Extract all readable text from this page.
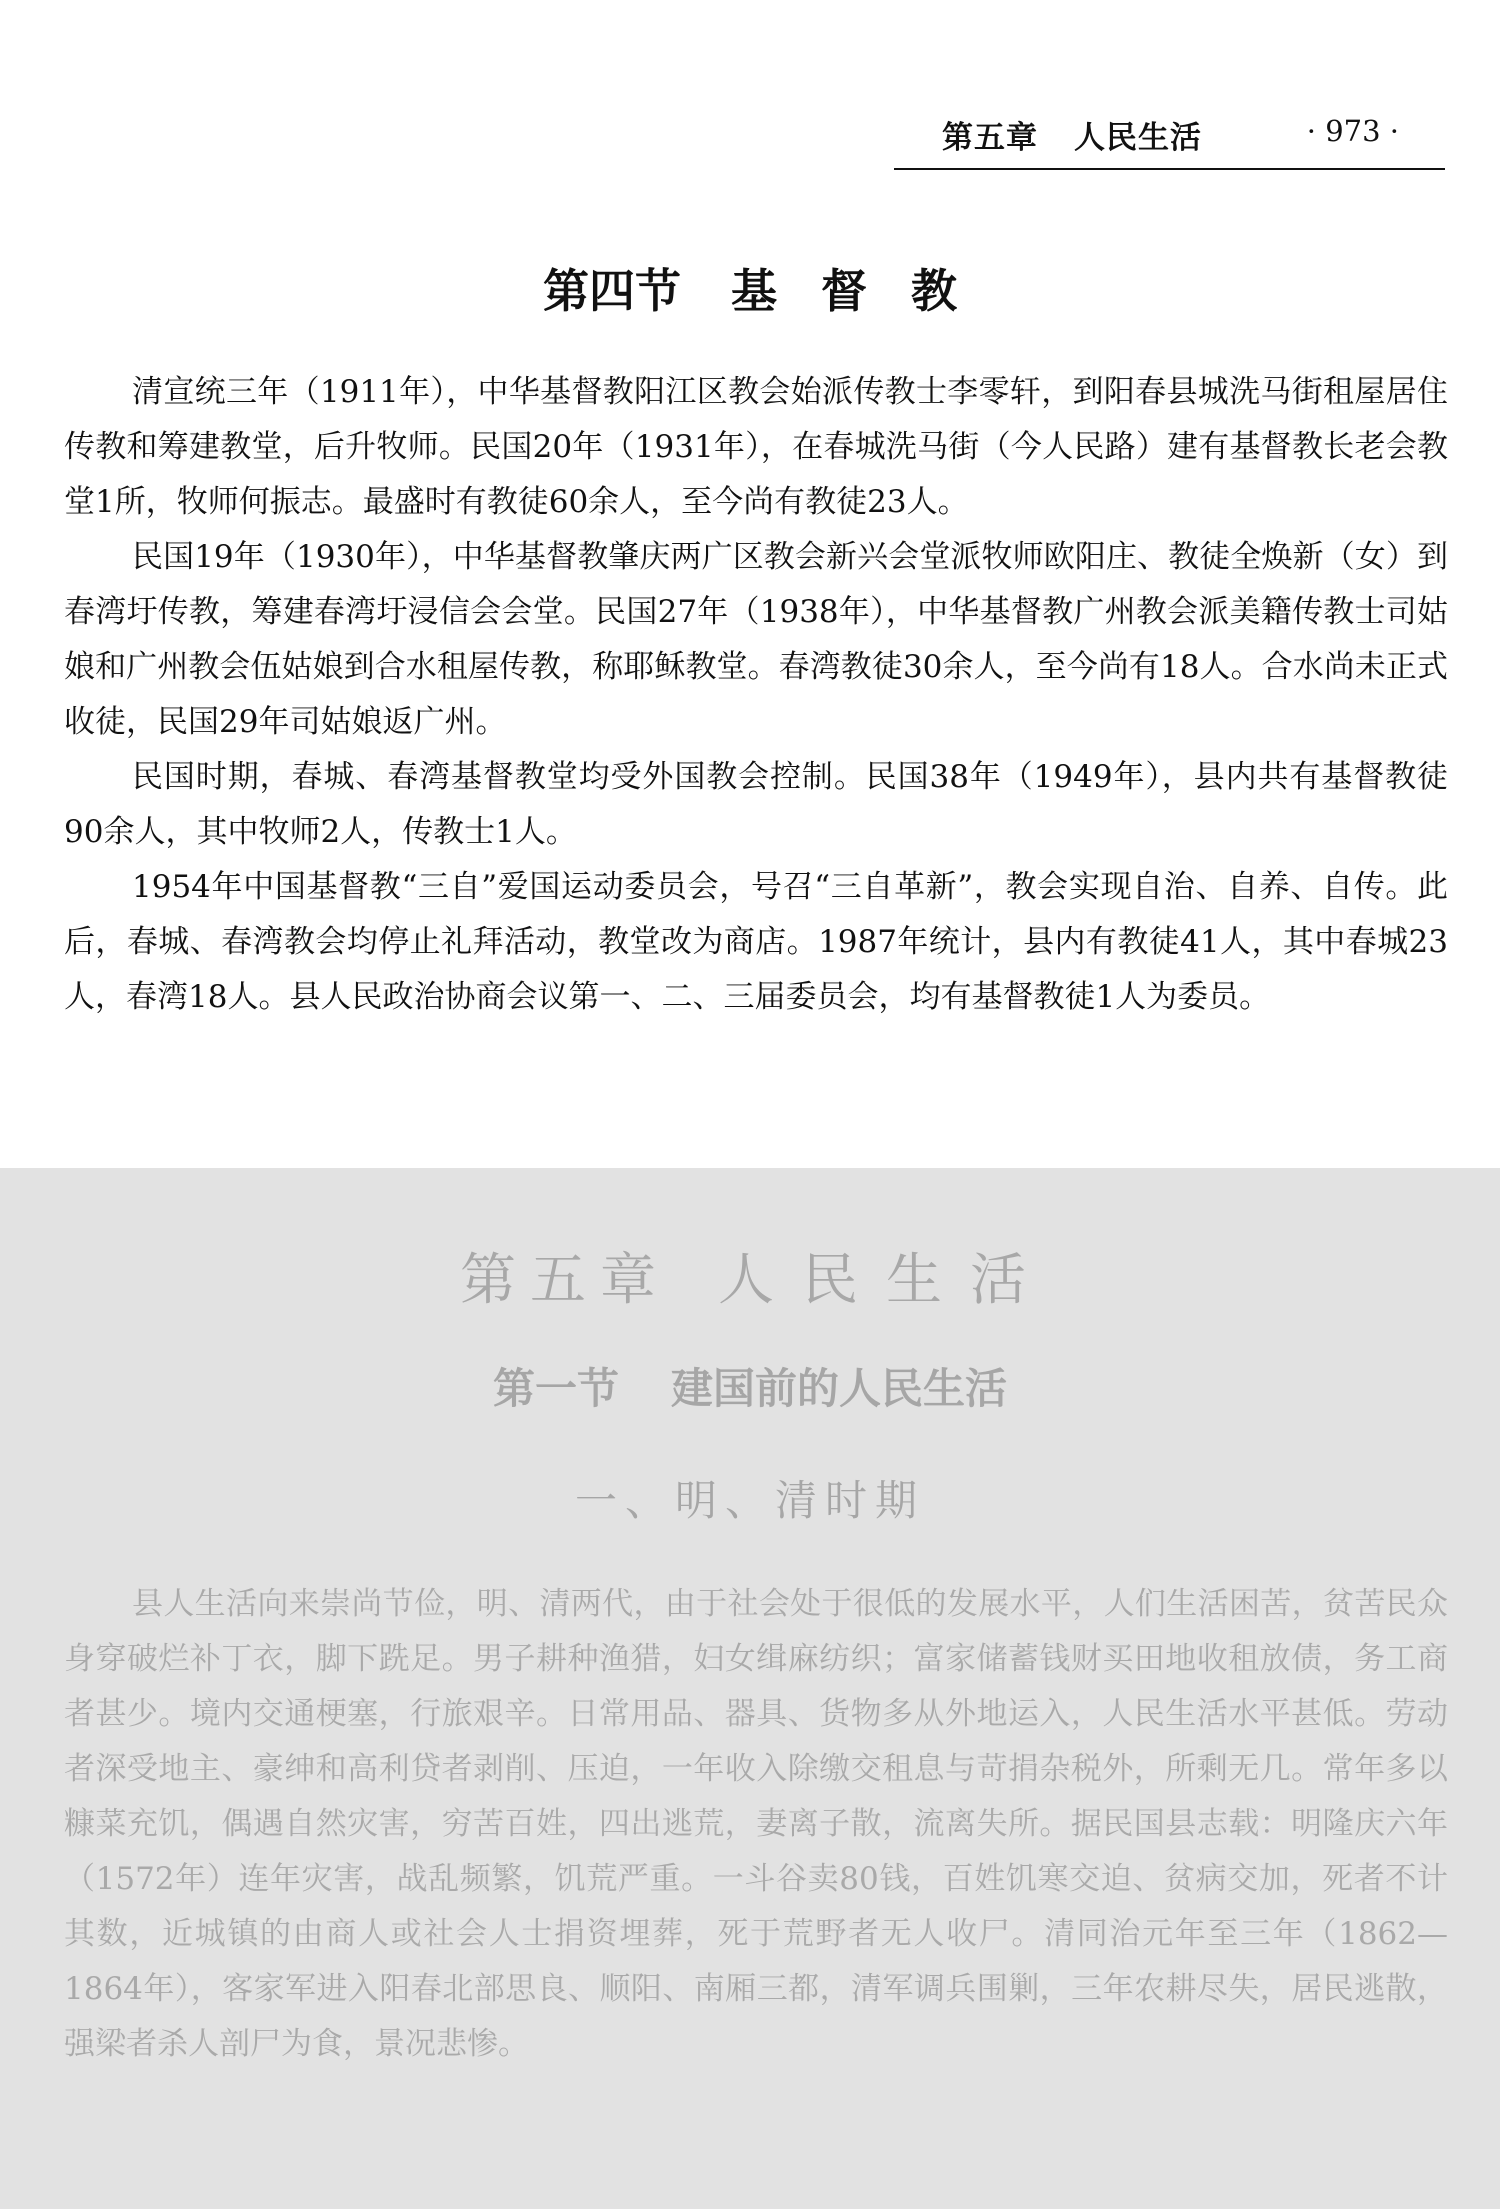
第五章 人民生活	· 973 ·
第四节 基 督 教

清宣统三年（1911年），中华基督教阳江区教会始派传教士李零轩，到阳春县城洗马街租屋居住传教和筹建教堂，后升牧师。民国20年（1931年），在春城洗马街（今人民路）建有基督教长老会教堂1所，牧师何振志。最盛时有教徒60余人，至今尚有教徒23人。

民国19年（1930年），中华基督教肇庆两广区教会新兴会堂派牧师欧阳庄、教徒全焕新（女）到春湾圩传教，筹建春湾圩浸信会会堂。民国27年（1938年），中华基督教广州教会派美籍传教士司姑娘和广州教会伍姑娘到合水租屋传教，称耶稣教堂。春湾教徒30余人，至今尚有18人。合水尚未正式收徒，民国29年司姑娘返广州。

民国时期，春城、春湾基督教堂均受外国教会控制。民国38年（1949年），县内共有基督教徒90余人，其中牧师2人，传教士1人。

1954年中国基督教“三自”爱国运动委员会，号召“三自革新”，教会实现自治、自养、自传。此后，春城、春湾教会均停止礼拜活动，教堂改为商店。1987年统计，县内有教徒41人，其中春城23人，春湾18人。县人民政治协商会议第一、二、三届委员会，均有基督教徒1人为委员。

第五章 人 民 生 活
第一节 建国前的人民生活
一、明、清时期

县人生活向来崇尚节俭，明、清两代，由于社会处于很低的发展水平，人们生活困苦，贫苦民众身穿破烂补丁衣，脚下跣足。男子耕种渔猎，妇女缉麻纺织；富家储蓄钱财买田地收租放债，务工商者甚少。境内交通梗塞，行旅艰辛。日常用品、器具、货物多从外地运入，人民生活水平甚低。劳动者深受地主、豪绅和高利贷者剥削、压迫，一年收入除缴交租息与苛捐杂税外，所剩无几。常年多以糠菜充饥，偶遇自然灾害，穷苦百姓，四出逃荒，妻离子散，流离失所。据民国县志载：明隆庆六年（1572年）连年灾害，战乱频繁，饥荒严重。一斗谷卖80钱，百姓饥寒交迫、贫病交加，死者不计其数，近城镇的由商人或社会人士捐资埋葬，死于荒野者无人收尸。清同治元年至三年（1862—1864年），客家军进入阳春北部思良、顺阳、南厢三都，清军调兵围剿，三年农耕尽失，居民逃散，强梁者杀人剖尸为食，景况悲惨。
